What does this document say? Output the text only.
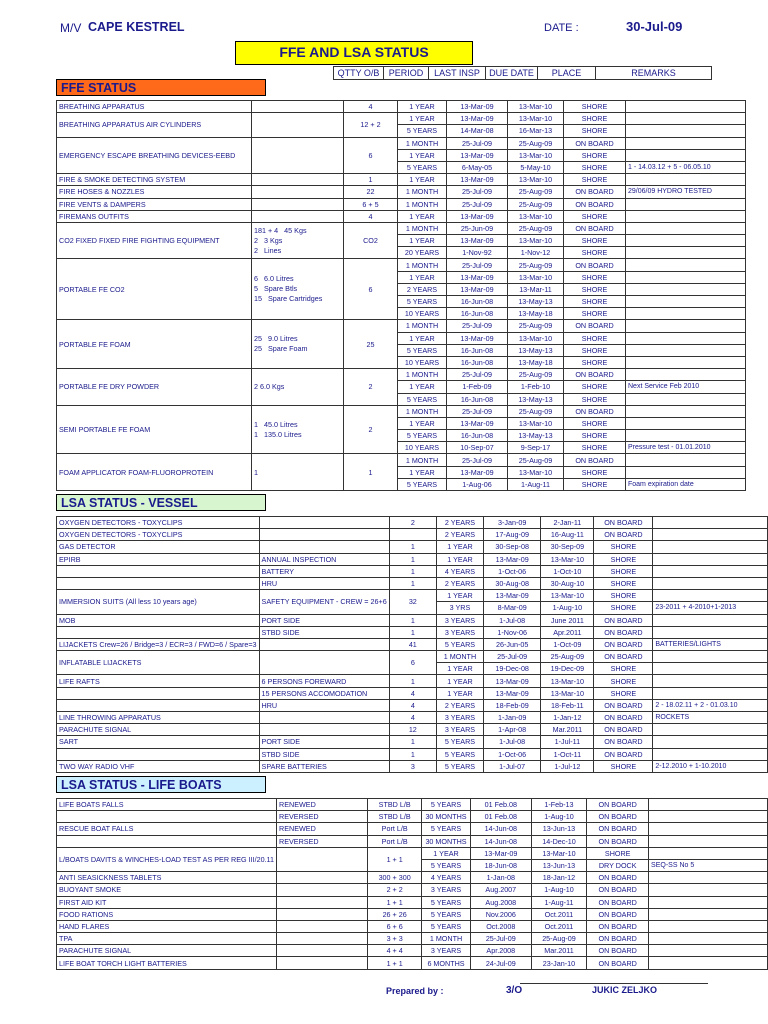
M/V CAPE KESTREL	DATE :	30-Jul-09
FFE AND LSA STATUS
QTTY O/B	PERIOD	LAST INSP	DUE DATE	PLACE	REMARKS
FFE STATUS
LSA STATUS - VESSEL
LSA STATUS - LIFE BOATS
BREATHING APPARATUS		4	1 YEAR	13-Mar-09	13-Mar-10	SHORE	
BREATHING APPARATUS AIR CYLINDERS		12 + 2	1 YEAR	13-Mar-09	13-Mar-10	SHORE	
			5 YEARS	14-Mar-08	16-Mar-13	SHORE	
EMERGENCY ESCAPE BREATHING DEVICES-EEBD		6	1 MONTH	25-Jul-09	25-Aug-09	ON BOARD	
			1 YEAR	13-Mar-09	13-Mar-10	SHORE	
			5 YEARS	6-May-05	5-May-10	SHORE	1 - 14.03.12 + 5 - 06.05.10
FIRE & SMOKE DETECTING SYSTEM		1	1 YEAR	13-Mar-09	13-Mar-10	SHORE	
FIRE HOSES & NOZZLES		22	1 MONTH	25-Jul-09	25-Aug-09	ON BOARD	29/06/09 HYDRO TESTED
FIRE VENTS & DAMPERS		6 + 5	1 MONTH	25-Jul-09	25-Aug-09	ON BOARD	
FIREMANS OUTFITS		4	1 YEAR	13-Mar-09	13-Mar-10	SHORE	
CO2 FIXED FIXED FIRE FIGHTING EQUIPMENT	181 + 4   45 Kgs
2   3 Kgs
2   Lines	CO2	1 MONTH	25-Jun-09	25-Aug-09	ON BOARD	
			1 YEAR	13-Mar-09	13-Mar-10	SHORE	
			20 YEARS	1-Nov-92	1-Nov-12	SHORE	
PORTABLE FE CO2	6   6.0 Litres
5   Spare Btls
15   Spare Cartridges	6	1 MONTH	25-Jul-09	25-Aug-09	ON BOARD	
			1 YEAR	13-Mar-09	13-Mar-10	SHORE	
			2 YEARS	13-Mar-09	13-Mar-11	SHORE	
			5 YEARS	16-Jun-08	13-May-13	SHORE	
			10 YEARS	16-Jun-08	13-May-18	SHORE	
PORTABLE FE FOAM	25   9.0 Litres
25   Spare Foam	25	1 MONTH	25-Jul-09	25-Aug-09	ON BOARD	
			1 YEAR	13-Mar-09	13-Mar-10	SHORE	
			5 YEARS	16-Jun-08	13-May-13	SHORE	
			10 YEARS	16-Jun-08	13-May-18	SHORE	
PORTABLE FE DRY POWDER	2 6.0 Kgs	2	1 MONTH	25-Jul-09	25-Aug-09	ON BOARD	
			1 YEAR	1-Feb-09	1-Feb-10	SHORE	Next Service Feb 2010
			5 YEARS	16-Jun-08	13-May-13	SHORE	
SEMI PORTABLE FE FOAM	1   45.0 Litres
1   135.0 Litres	2	1 MONTH	25-Jul-09	25-Aug-09	ON BOARD	
			1 YEAR	13-Mar-09	13-Mar-10	SHORE	
			5 YEARS	16-Jun-08	13-May-13	SHORE	
			10 YEARS	10-Sep-07	9-Sep-17	SHORE	Pressure test - 01.01.2010
FOAM APPLICATOR FOAM-FLUOROPROTEIN	1	1	1 MONTH	25-Jul-09	25-Aug-09	ON BOARD	
			1 YEAR	13-Mar-09	13-Mar-10	SHORE	
			5 YEARS	1-Aug-06	1-Aug-11	SHORE	Foam expiration date
OXYGEN DETECTORS - TOXYCLIPS		2	2 YEARS	3-Jan-09	2-Jan-11	ON BOARD	
OXYGEN DETECTORS - TOXYCLIPS			2 YEARS	17-Aug-09	16-Aug-11	ON BOARD	
GAS DETECTOR		1	1 YEAR	30-Sep-08	30-Sep-09	SHORE	
EPIRB	ANNUAL INSPECTION	1	1 YEAR	13-Mar-09	13-Mar-10	SHORE	
	BATTERY	1	4 YEARS	1-Oct-06	1-Oct-10	SHORE	
	HRU	1	2 YEARS	30-Aug-08	30-Aug-10	SHORE	
IMMERSION SUITS (All less 10 years age)	SAFETY EQUIPMENT - CREW = 26+6	32	1 YEAR	13-Mar-09	13-Mar-10	SHORE	
			3 YRS	8-Mar-09	1-Aug-10	SHORE	23-2011 + 4-2010+1-2013
MOB	PORT SIDE	1	3 YEARS	1-Jul-08	June 2011	ON BOARD	
	STBD SIDE	1	3 YEARS	1-Nov-06	Apr.2011	ON BOARD	
LIJACKETS Crew=26 / Bridge=3 / ECR=3 / FWD=6 / Spare=3		41	5 YEARS	26-Jun-05	1-Oct-09	ON BOARD	BATTERIES/LIGHTS
INFLATABLE LIJACKETS		6	1 MONTH	25-Jul-09	25-Aug-09	ON BOARD	
			1 YEAR	19-Dec-08	19-Dec-09	SHORE	
LIFE RAFTS	6 PERSONS FOREWARD	1	1 YEAR	13-Mar-09	13-Mar-10	SHORE	
	15 PERSONS ACCOMODATION	4	1 YEAR	13-Mar-09	13-Mar-10	SHORE	
	HRU	4	2 YEARS	18-Feb-09	18-Feb-11	ON BOARD	2 - 18.02.11 + 2 - 01.03.10
LINE THROWING APPARATUS		4	3 YEARS	1-Jan-09	1-Jan-12	ON BOARD	ROCKETS
PARACHUTE SIGNAL		12	3 YEARS	1-Apr-08	Mar.2011	ON BOARD	
SART	PORT SIDE	1	5 YEARS	1-Jul-08	1-Jul-11	ON BOARD	
	STBD SIDE	1	5 YEARS	1-Oct-06	1-Oct-11	ON BOARD	
TWO WAY RADIO VHF	SPARE BATTERIES	3	5 YEARS	1-Jul-07	1-Jul-12	SHORE	2-12.2010 + 1-10.2010
LIFE BOATS FALLS	RENEWED	STBD L/B	5 YEARS	01 Feb.08	1-Feb-13	ON BOARD	
	REVERSED	STBD L/B	30 MONTHS	01 Feb.08	1-Aug-10	ON BOARD	
RESCUE BOAT FALLS	RENEWED	Port L/B	5 YEARS	14-Jun-08	13-Jun-13	ON BOARD	
	REVERSED	Port L/B	30 MONTHS	14-Jun-08	14-Dec-10	ON BOARD	
L/BOATS DAVITS & WINCHES-LOAD TEST AS PER REG III/20.11		1 + 1	1 YEAR	13-Mar-09	13-Mar-10	SHORE	
			5 YEARS	18-Jun-08	13-Jun-13	DRY DOCK	SEQ-SS No 5
ANTI SEASICKNESS TABLETS		300 + 300	4 YEARS	1-Jan-08	18-Jan-12	ON BOARD	
BUOYANT SMOKE		2 + 2	3 YEARS	Aug.2007	1-Aug-10	ON BOARD	
FIRST AID KIT		1 + 1	5 YEARS	Aug.2008	1-Aug-11	ON BOARD	
FOOD RATIONS		26 + 26	5 YEARS	Nov.2006	Oct.2011	ON BOARD	
HAND FLARES		6 + 6	5 YEARS	Oct.2008	Oct.2011	ON BOARD	
TPA		3 + 3	1 MONTH	25-Jul-09	25-Aug-09	ON BOARD	
PARACHUTE SIGNAL		4 + 4	3 YEARS	Apr.2008	Mar.2011	ON BOARD	
LIFE BOAT TORCH LIGHT BATTERIES		1 + 1	6 MONTHS	24-Jul-09	23-Jan-10	ON BOARD	
Prepared by :	3/O	JUKIC ZELJKO
